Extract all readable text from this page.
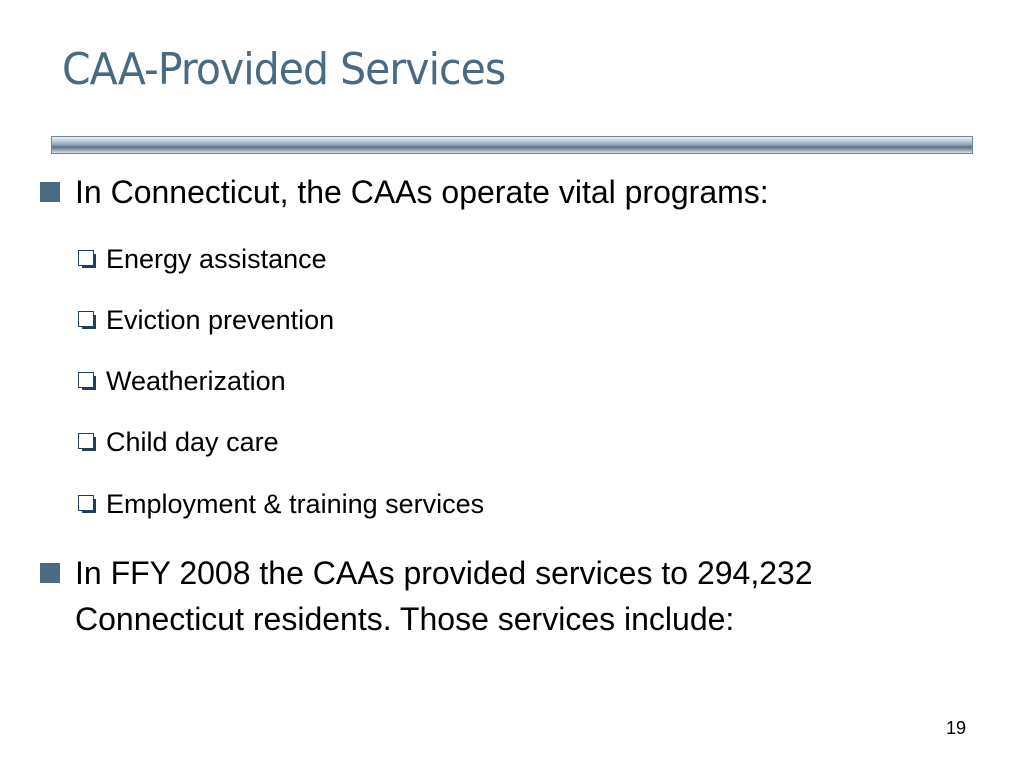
CAA-Provided Services
In Connecticut, the CAAs operate vital programs:
Energy assistance
Eviction prevention
Weatherization
Child day care
Employment & training services
In FFY 2008 the CAAs provided services to 294,232 Connecticut residents. Those services include:
19
